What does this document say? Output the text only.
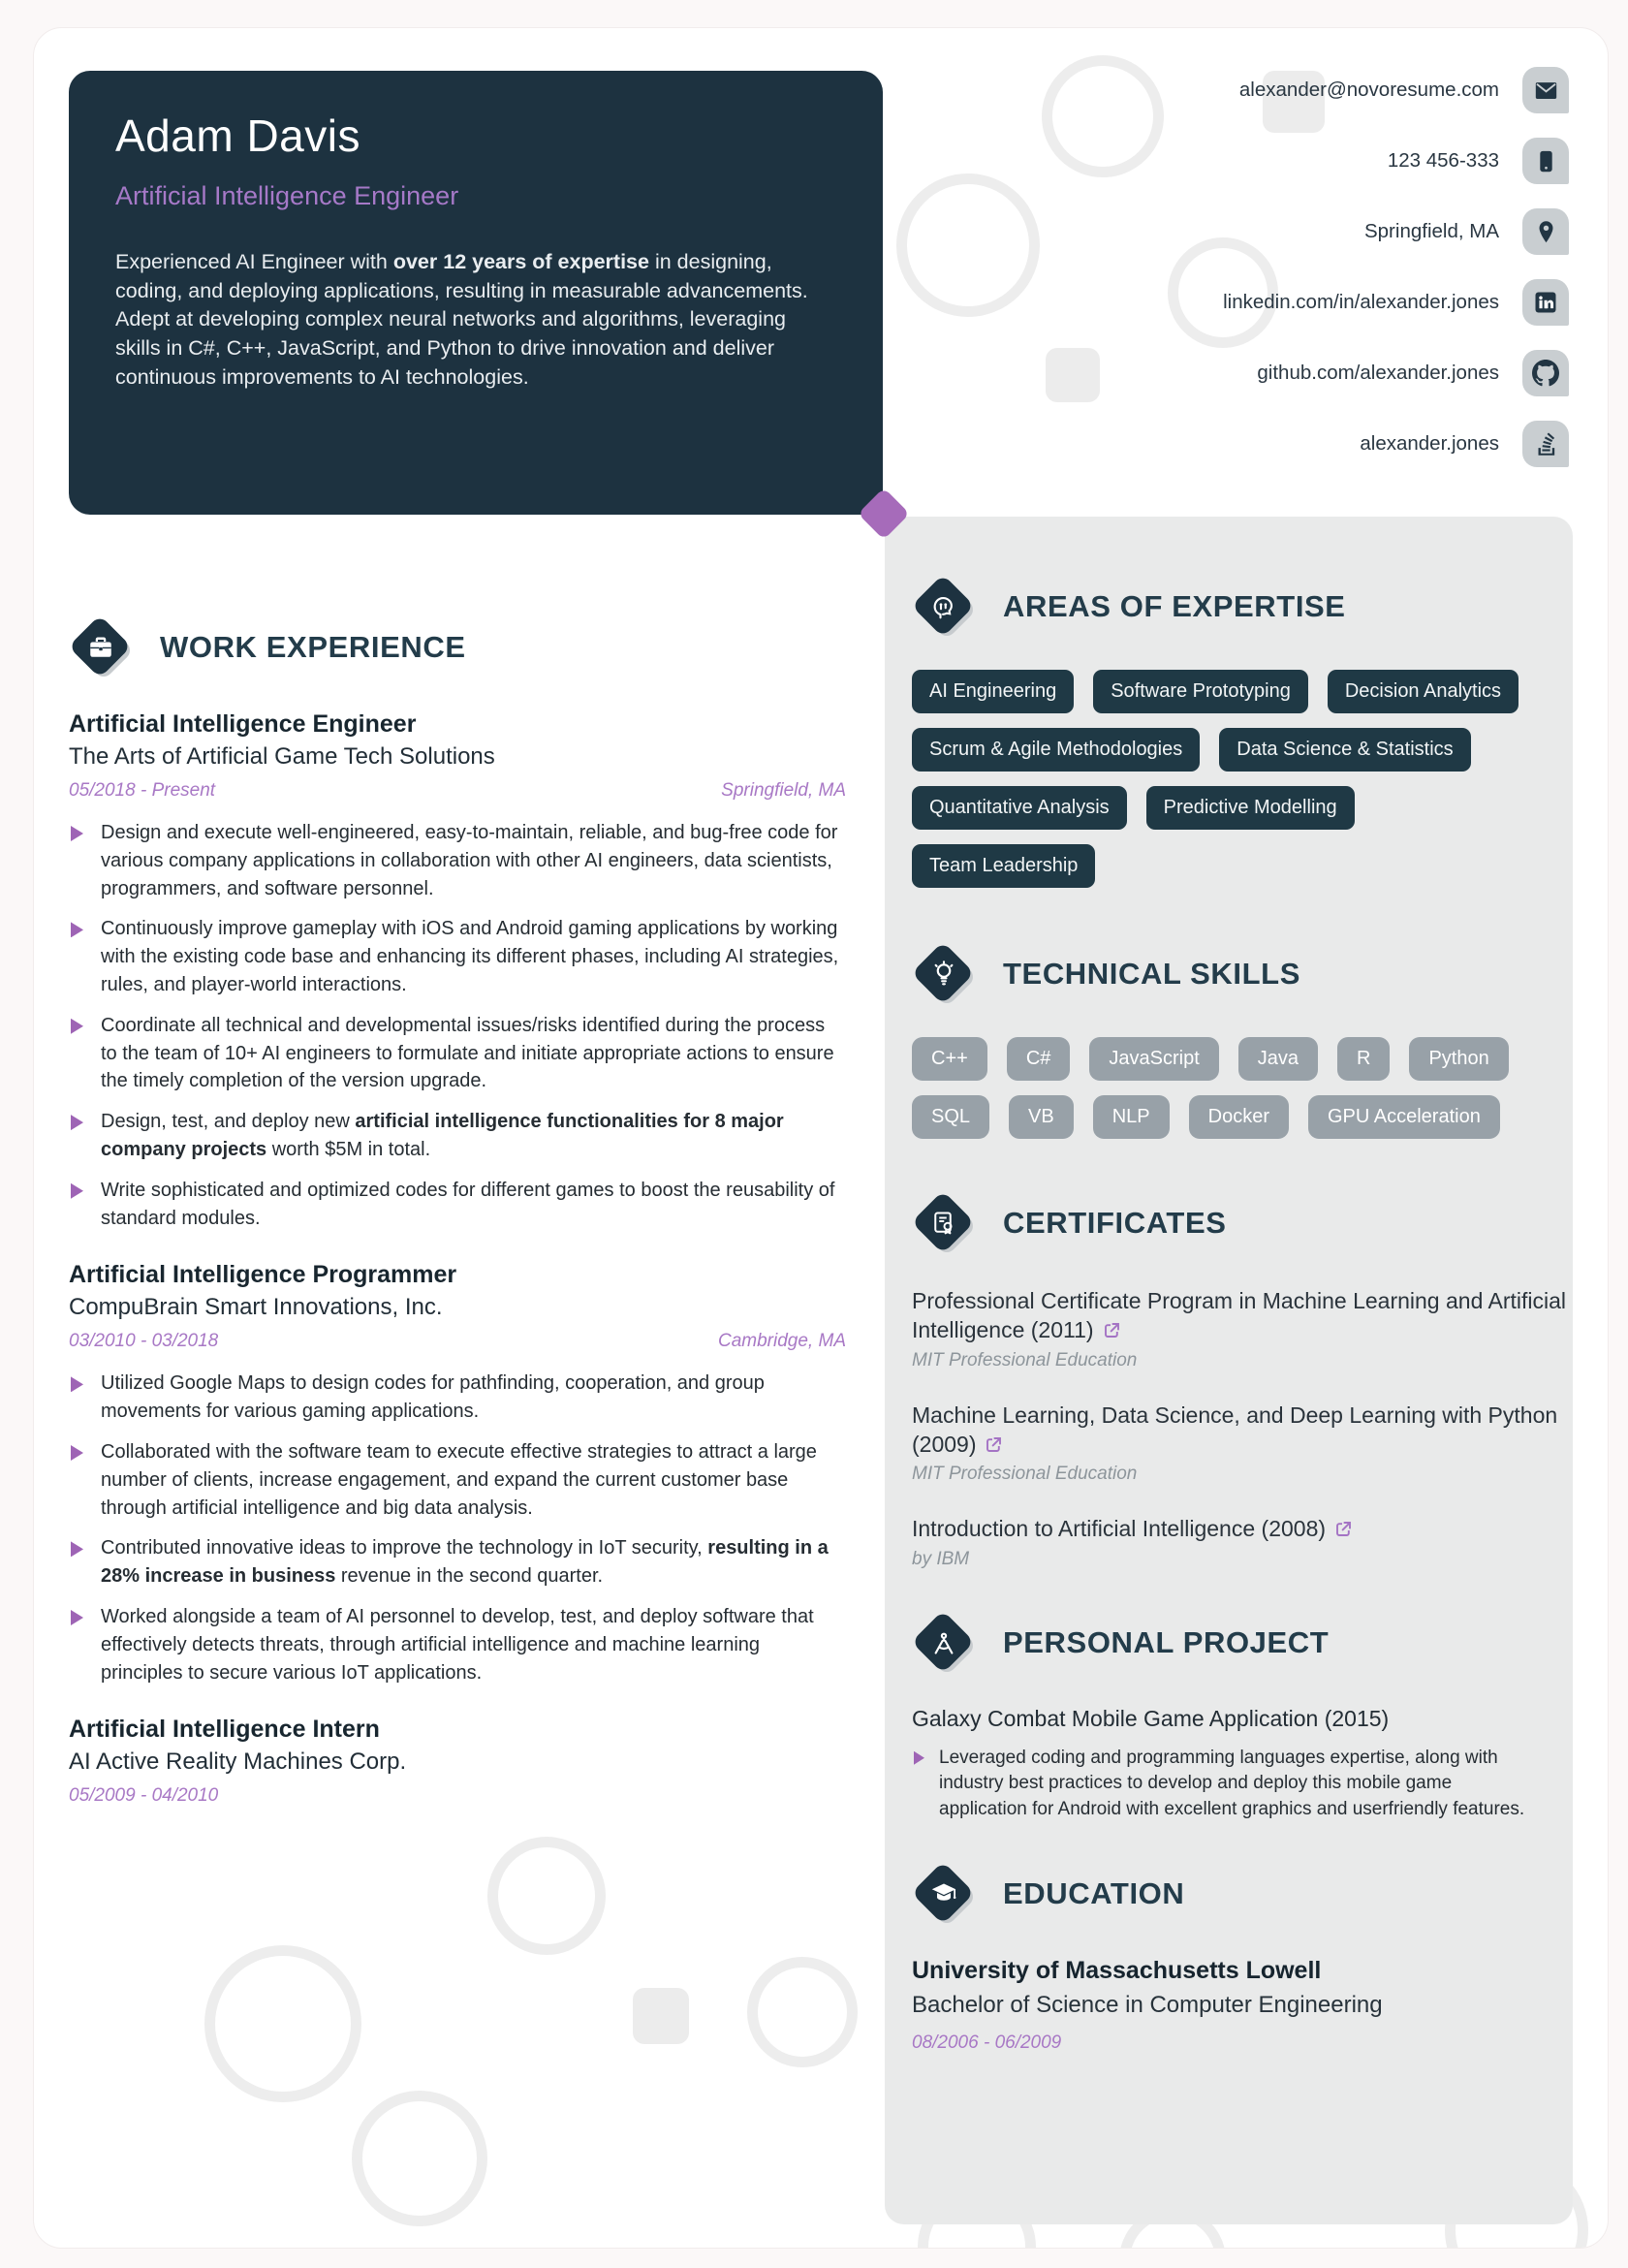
Adam Davis
Artificial Intelligence Engineer
Experienced AI Engineer with over 12 years of expertise in designing, coding, and deploying applications, resulting in measurable advancements. Adept at developing complex neural networks and algorithms, leveraging skills in C#, C++, JavaScript, and Python to drive innovation and deliver continuous improvements to AI technologies.
alexander@novoresume.com
123 456-333
Springfield, MA
linkedin.com/in/alexander.jones
github.com/alexander.jones
alexander.jones
WORK EXPERIENCE
Artificial Intelligence Engineer
The Arts of Artificial Game Tech Solutions
05/2018 - Present	Springfield, MA
Design and execute well-engineered, easy-to-maintain, reliable, and bug-free code for various company applications in collaboration with other AI engineers, data scientists, programmers, and software personnel.
Continuously improve gameplay with iOS and Android gaming applications by working with the existing code base and enhancing its different phases, including AI strategies, rules, and player-world interactions.
Coordinate all technical and developmental issues/risks identified during the process to the team of 10+ AI engineers to formulate and initiate appropriate actions to ensure the timely completion of the version upgrade.
Design, test, and deploy new artificial intelligence functionalities for 8 major company projects worth $5M in total.
Write sophisticated and optimized codes for different games to boost the reusability of standard modules.
Artificial Intelligence Programmer
CompuBrain Smart Innovations, Inc.
03/2010 - 03/2018	Cambridge, MA
Utilized Google Maps to design codes for pathfinding, cooperation, and group movements for various gaming applications.
Collaborated with the software team to execute effective strategies to attract a large number of clients, increase engagement, and expand the current customer base through artificial intelligence and big data analysis.
Contributed innovative ideas to improve the technology in IoT security, resulting in a 28% increase in business revenue in the second quarter.
Worked alongside a team of AI personnel to develop, test, and deploy software that effectively detects threats, through artificial intelligence and machine learning principles to secure various IoT applications.
Artificial Intelligence Intern
AI Active Reality Machines Corp.
05/2009 - 04/2010
AREAS OF EXPERTISE
AI Engineering	Software Prototyping	Decision Analytics
Scrum & Agile Methodologies	Data Science & Statistics
Quantitative Analysis	Predictive Modelling
Team Leadership
TECHNICAL SKILLS
C++	C#	JavaScript	Java	R	Python
SQL	VB	NLP	Docker	GPU Acceleration
CERTIFICATES
Professional Certificate Program in Machine Learning and Artificial Intelligence (2011)
MIT Professional Education
Machine Learning, Data Science, and Deep Learning with Python (2009)
MIT Professional Education
Introduction to Artificial Intelligence (2008)
by IBM
PERSONAL PROJECT
Galaxy Combat Mobile Game Application (2015)
Leveraged coding and programming languages expertise, along with industry best practices to develop and deploy this mobile game application for Android with excellent graphics and userfriendly features.
EDUCATION
University of Massachusetts Lowell
Bachelor of Science in Computer Engineering
08/2006 - 06/2009
